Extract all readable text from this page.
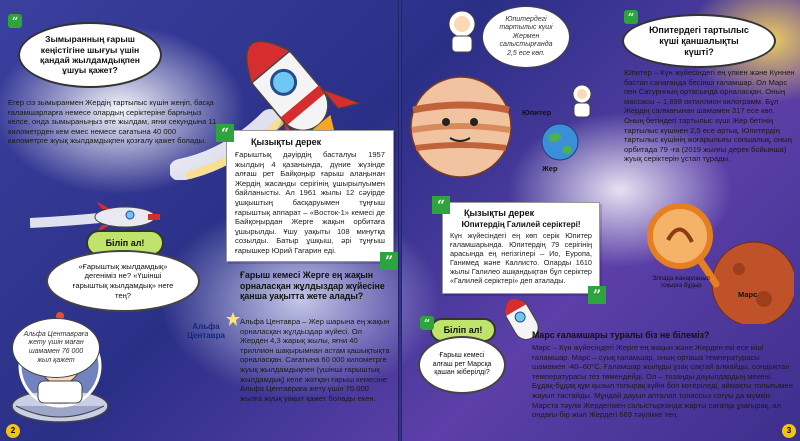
Зымыранның ғарыш кеңістігіне шығуы үшін қандай жылдамдықпен ұшуы қажет?
“
Егер сіз зымыранмен Жердің тартылыс күшін жеңіп, басқа ғаламшарларға немесе олардың серіктеріне барғыңыз келсе, онда зымыраныңыз өте жылдам, яғни секундына 11 километрден кем емес немесе сағатына 40 000 километрге жуық жылдамдықпен қозғалу қажет болады.	Қызықты дерек
Ғарыштық дәуірдің басталуы 1957 жылдың 4 қазанында, дүние жүзінде алғаш рет Байқоңыр ғарыш алаңынан Жердің жасанды серігінің ұшырылуымен байланысты. Ал 1961 жылы 12 сәуірде ұшқыштың басқаруымен тұңғыш ғарыштық аппарат – «Восток-1» кемесі де Байқоңырдан Жерге жақын орбитаға ұшырылды. Ұшу уақыты 108 минутқа созылды. Батыр ұшқыш, әрі тұңғыш ғарышкер Юрий Гагарин еді.
“
”
Біліп ал!
«Ғарыштық жылдамдық» дегеніміз не? «Үшінші ғарыштық жылдамдық» неге тең?
Ғарыш кемесі Жерге ең жақын орналасқан жұлдыздар жүйесіне қанша уақытта жете алады?
Альфа Центавра – Жер шарына ең жақын орналасқан жұлдыздар жүйесі. Ол Жерден 4,3 жарық жылы, яғни 40 триллион шақырымнан астам қашықтықта орналасқан. Сағатына 60 000 километрге жуық жылдамдықпен (үшінші ғарыштық жылдамдық) келе жатқан ғарыш кемесіне Альфа Центавраға жету үшін 76 000 жылға жуық уақыт қажет болады екен.
Альфа Центавраға жету үшін маған шамамен 76 000 жыл қажет
Альфа Центавра
2
Юпитер
Юпитердегі тартылыс күші Жермен салыстырғанда 2,5 есе көп.
Жер
Юпитердегі тартылыс күші қаншалықты күшті?
“
Юпитер – Күн жүйесіндегі ең үлкен және Күннен бастап санағанда бесінші ғаламшар. Ол Марс пен Сатурнның ортасында орналасқан. Оның массасы – 1,898 октиллион килограмм. Бұл Жердің салмағынан шамамен 317 есе көп. Оның бетіндегі тартылыс күші Жер бетінің тартылыс күшінен 2,5 есе артық. Юпитердің тартылыс күшінің жоғарылығы соншалық, оның орбитада 79 -ға (2019 жылғы дерек бойынша) жуық серіктерін ұстап тұрады.
Қызықты дерек
Юпитердің Галилей серіктері!
Күн жүйесіндегі ең көп серік Юпитер ғаламшарында. Юпитердің 79 серігінің арасында ең негізгілері – Ио, Еуропа, Ганимед және Каллисто. Оларды 1610 жылы Галилео ашқандықтан бұл серіктер «Галилей серіктері» деп аталады.
“
”
Элпада жанарланып тоқырға бұдыр
Марс
Біліп ал!
Ғарыш кемесі алғаш рет Марсқа қашан жіберілді?
“
Марс ғаламшары туралы біз не білеміз?
Марс – Күн жүйесіндегі Жерге ең жақын және Жерден екі есе кіші ғаламшар. Марс – суық ғаламшар, оның орташа температурасы шамамен -40–60°C. Ғаламшар жылуды ұзақ сақтай алмайды, сондықтан температурасы тез төмендейді. Ол – тозаңды дауылдардың мекені. Бұдақ-бұдақ құм қызыл топырақ күйін боп көтеріледі, аймақты толығымен жауып тастайды. Мұндай дауыл апталап толассыз соғуы да мүмкін. Марста тәулік Жердегімен салыстырғанда жарты сағатқа ұзағырақ, ал ондағы бір жыл Жердегі 669 тәулікке тең.
3
